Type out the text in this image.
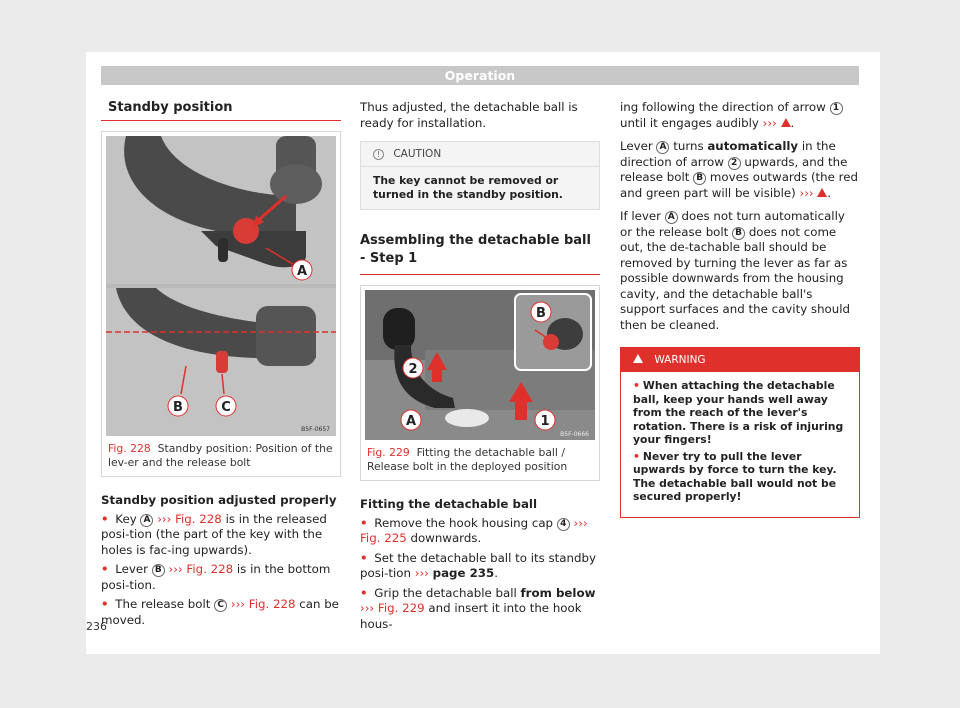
Operation
Standby position
A
B	C
B5F-0657
Fig. 228 Standby position: Position of the lev-er and the release bolt

Standby position adjusted properly

• Key A ››› Fig. 228 is in the released posi-tion (the part of the key with the holes is fac-ing upwards).

• Lever B ››› Fig. 228 is in the bottom posi-tion.

• The release bolt C ››› Fig. 228 can be moved.

Thus adjusted, the detachable ball is ready for installation.

! CAUTION
The key cannot be removed or turned in the standby position.
Assembling the detachable ball - Step 1
B
2
A	1
B5F-0666
Fig. 229 Fitting the detachable ball / Release bolt in the deployed position

Fitting the detachable ball

• Remove the hook housing cap 4 ››› Fig. 225 downwards.

• Set the detachable ball to its standby posi-tion ››› page 235.

• Grip the detachable ball from below ››› Fig. 229 and insert it into the hook hous-

ing following the direction of arrow 1 until it engages audibly ››› .

Lever A turns automatically in the direction of arrow 2 upwards, and the release bolt B moves outwards (the red and green part will be visible) ››› .

If lever A does not turn automatically or the release bolt B does not come out, the de-tachable ball should be removed by turning the lever as far as possible downwards from the housing cavity, and the detachable ball's support surfaces and the cavity should then be cleaned.

WARNING
• When attaching the detachable ball, keep your hands well away from the reach of the lever's rotation. There is a risk of injuring your fingers!
• Never try to pull the lever upwards by force to turn the key. The detachable ball would not be secured properly!
236
